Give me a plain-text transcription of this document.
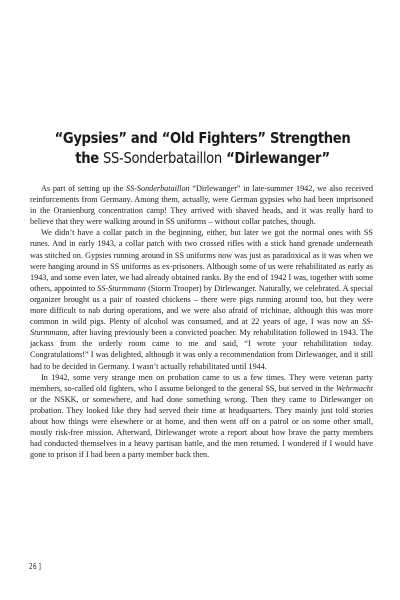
“Gypsies” and “Old Fighters” Strengthen
the SS-Sonderbataillon “Dirlewanger”

As part of setting up the SS-Sonderbataillon “Dirlewanger” in late-summer 1942, we also received reinforcements from Germany. Among them, actually, were German gypsies who had been imprisoned in the Oranienburg concentration camp! They arrived with shaved heads, and it was really hard to believe that they were walking around in SS uniforms – without collar patches, though.

We didn’t have a collar patch in the beginning, either, but later we got the normal ones with SS runes. And in early 1943, a collar patch with two crossed rifles with a stick hand grenade underneath was stitched on. Gypsies running around in SS uniforms now was just as paradoxical as it was when we were hanging around in SS uniforms as ex-prisoners. Although some of us were rehabilitated as early as 1943, and some even later, we had already obtained ranks. By the end of 1942 I was, together with some others, appointed to SS-Sturmmann (Storm Trooper) by Dirlewanger. Naturally, we celebrated. A special organizer brought us a pair of roasted chickens – there were pigs running around too, but they were more difficult to nab during operations, and we were also afraid of trichinae, although this was more common in wild pigs. Plenty of alcohol was consumed, and at 22 years of age, I was now an SS-Sturmmann, after having previously been a convicted poacher. My rehabilitation followed in 1943. The jackass from the orderly room came to me and said, “I wrote your rehabilitation today. Congratulations!” I was delighted, although it was only a recommendation from Dirlewanger, and it still had to be decided in Germany. I wasn’t actually rehabilitated until 1944.

In 1942, some very strange men on probation came to us a few times. They were veteran party members, so-called old fighters, who I assume belonged to the general SS, but served in the Wehrmacht or the NSKK, or somewhere, and had done something wrong. Then they came to Dirlewanger on probation. They looked like they had served their time at headquarters. They mainly just told stories about how things were elsewhere or at home, and then went off on a patrol or on some other small, mostly risk-free mission. Afterward, Dirlewanger wrote a report about how brave the party members had conducted themselves in a heavy partisan battle, and the men returned. I wondered if I would have gone to prison if I had been a party member back then.

26 ]
